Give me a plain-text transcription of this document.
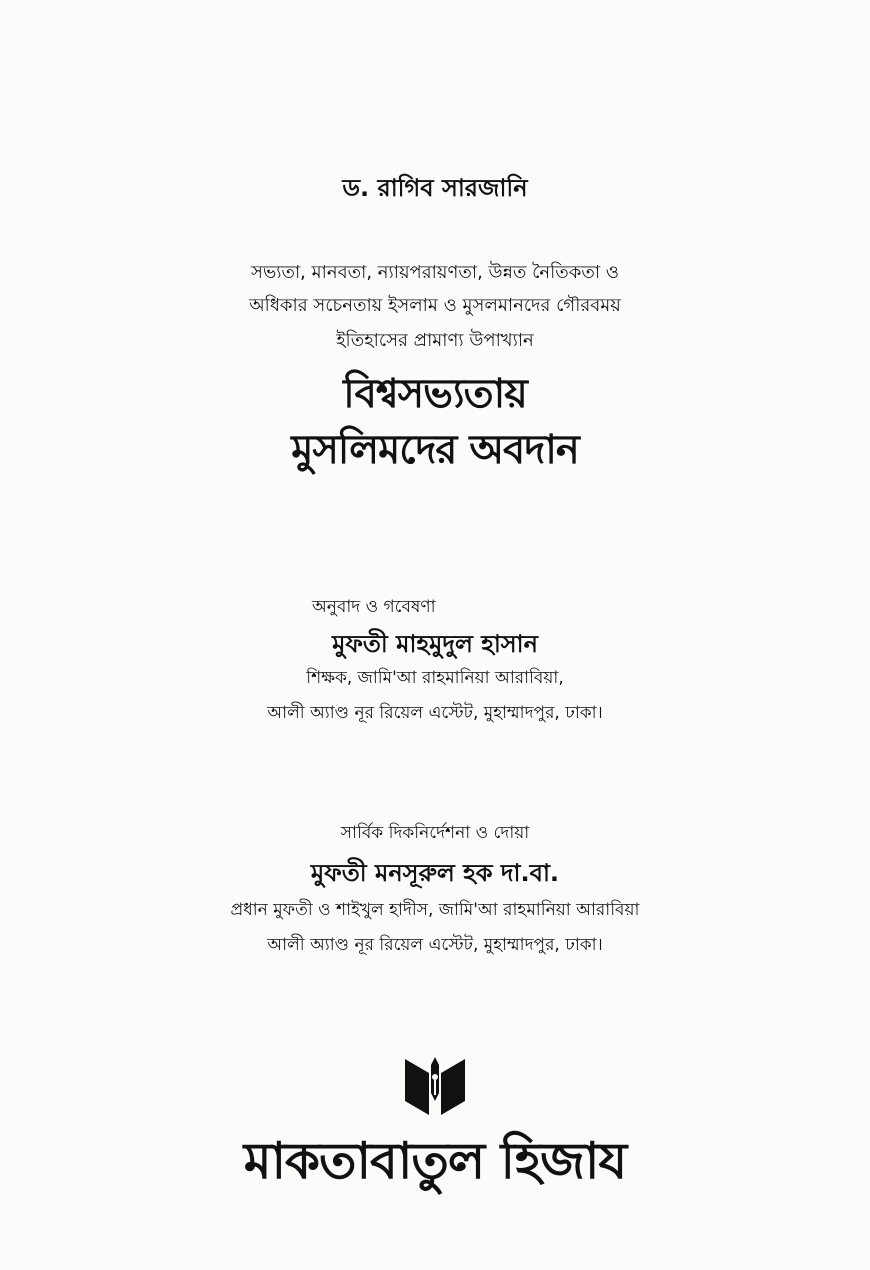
ড. রাগিব সারজানি
সভ্যতা, মানবতা, ন্যায়পরায়ণতা, উন্নত নৈতিকতা ও
অধিকার সচেনতায় ইসলাম ও মুসলমানদের গৌরবময়
ইতিহাসের প্রামাণ্য উপাখ্যান
বিশ্বসভ্যতায়
মুসলিমদের অবদান
অনুবাদ ও গবেষণা
মুফতী মাহমুদুল হাসান
শিক্ষক, জামি'আ রাহমানিয়া আরাবিয়া,
আলী অ্যাণ্ড নূর রিয়েল এস্টেট, মুহাম্মাদপুর, ঢাকা।
সার্বিক দিকনির্দেশনা ও দোয়া
মুফতী মনসূরুল হক দা.বা.
প্রধান মুফতী ও শাইখুল হাদীস, জামি'আ রাহমানিয়া আরাবিয়া
আলী অ্যাণ্ড নূর রিয়েল এস্টেট, মুহাম্মাদপুর, ঢাকা।
মাকতাবাতুল হিজায
